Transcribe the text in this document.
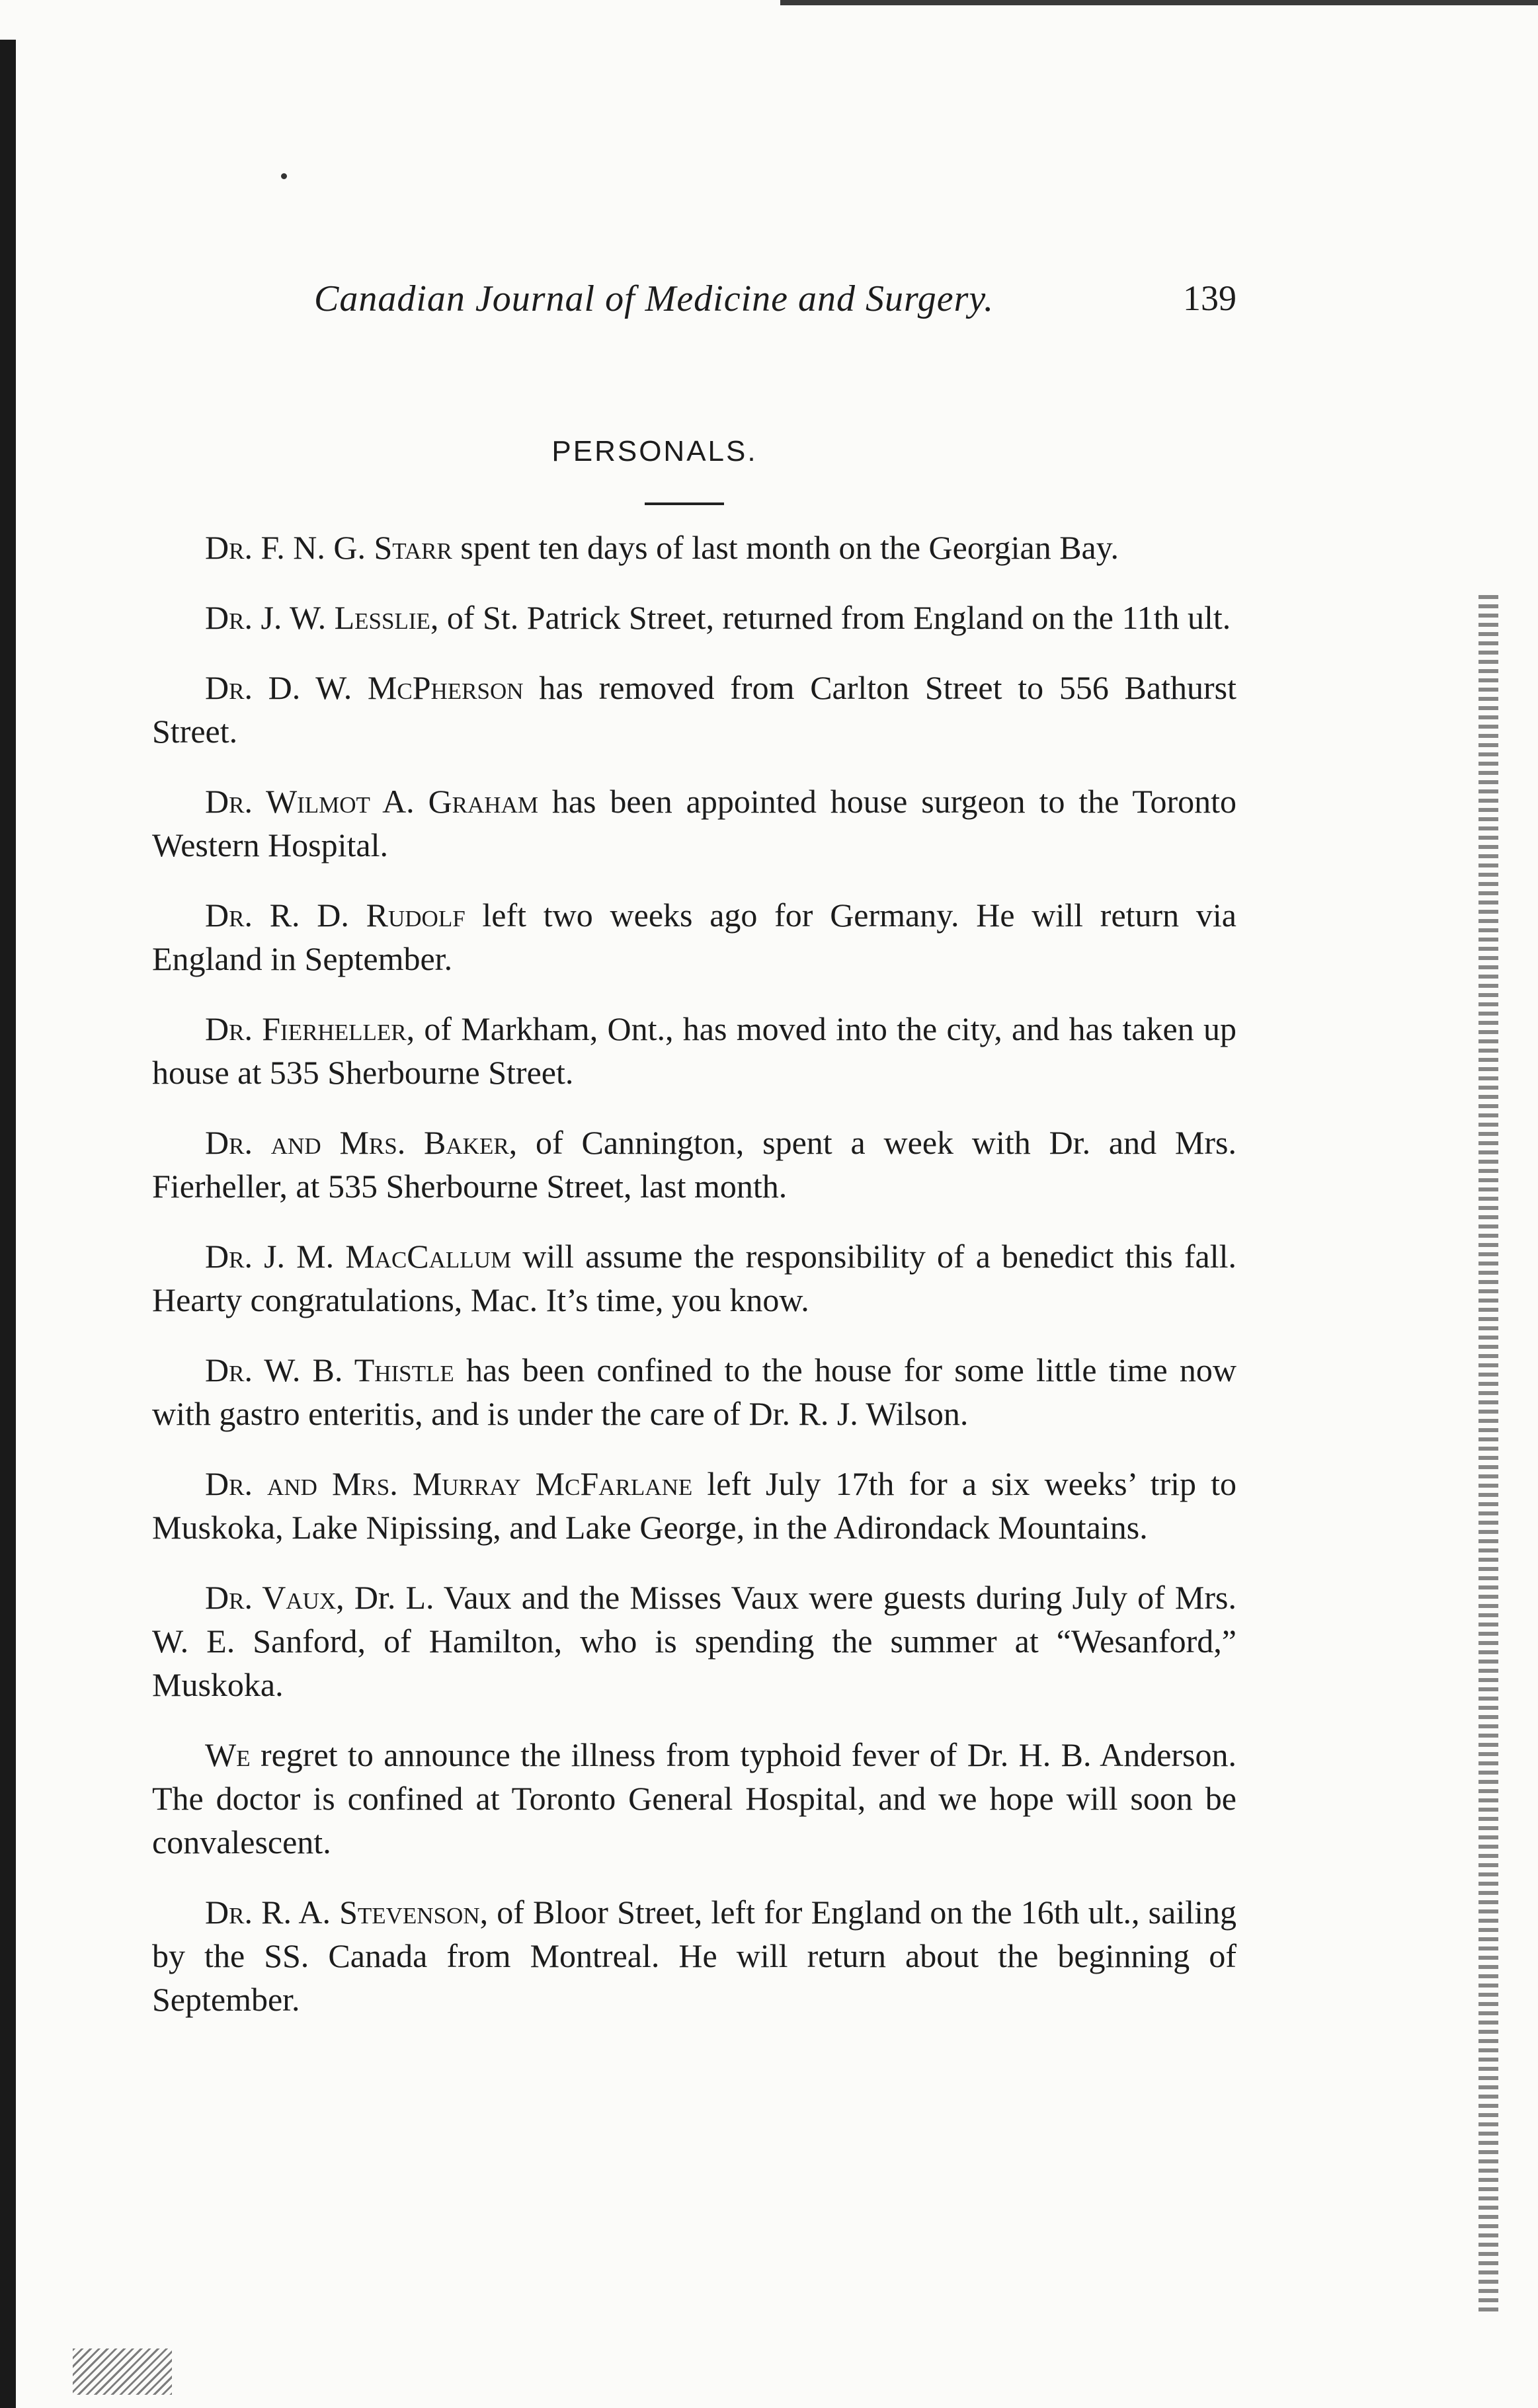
Canadian Journal of Medicine and Surgery.	139
PERSONALS.

Dr. F. N. G. Starr spent ten days of last month on the Georgian Bay.

Dr. J. W. Lesslie, of St. Patrick Street, returned from England on the 11th ult.

Dr. D. W. McPherson has removed from Carlton Street to 556 Bathurst Street.

Dr. Wilmot A. Graham has been appointed house surgeon to the Toronto Western Hospital.

Dr. R. D. Rudolf left two weeks ago for Germany. He will return via England in September.

Dr. Fierheller, of Markham, Ont., has moved into the city, and has taken up house at 535 Sherbourne Street.

Dr. and Mrs. Baker, of Cannington, spent a week with Dr. and Mrs. Fierheller, at 535 Sherbourne Street, last month.

Dr. J. M. MacCallum will assume the responsibility of a benedict this fall. Hearty congratulations, Mac. It’s time, you know.

Dr. W. B. Thistle has been confined to the house for some little time now with gastro enteritis, and is under the care of Dr. R. J. Wilson.

Dr. and Mrs. Murray McFarlane left July 17th for a six weeks’ trip to Muskoka, Lake Nipissing, and Lake George, in the Adirondack Mountains.

Dr. Vaux, Dr. L. Vaux and the Misses Vaux were guests during July of Mrs. W. E. Sanford, of Hamilton, who is spending the summer at “Wesanford,” Muskoka.

We regret to announce the illness from typhoid fever of Dr. H. B. Anderson. The doctor is confined at Toronto General Hospital, and we hope will soon be convalescent.

Dr. R. A. Stevenson, of Bloor Street, left for England on the 16th ult., sailing by the SS. Canada from Montreal. He will return about the beginning of September.
